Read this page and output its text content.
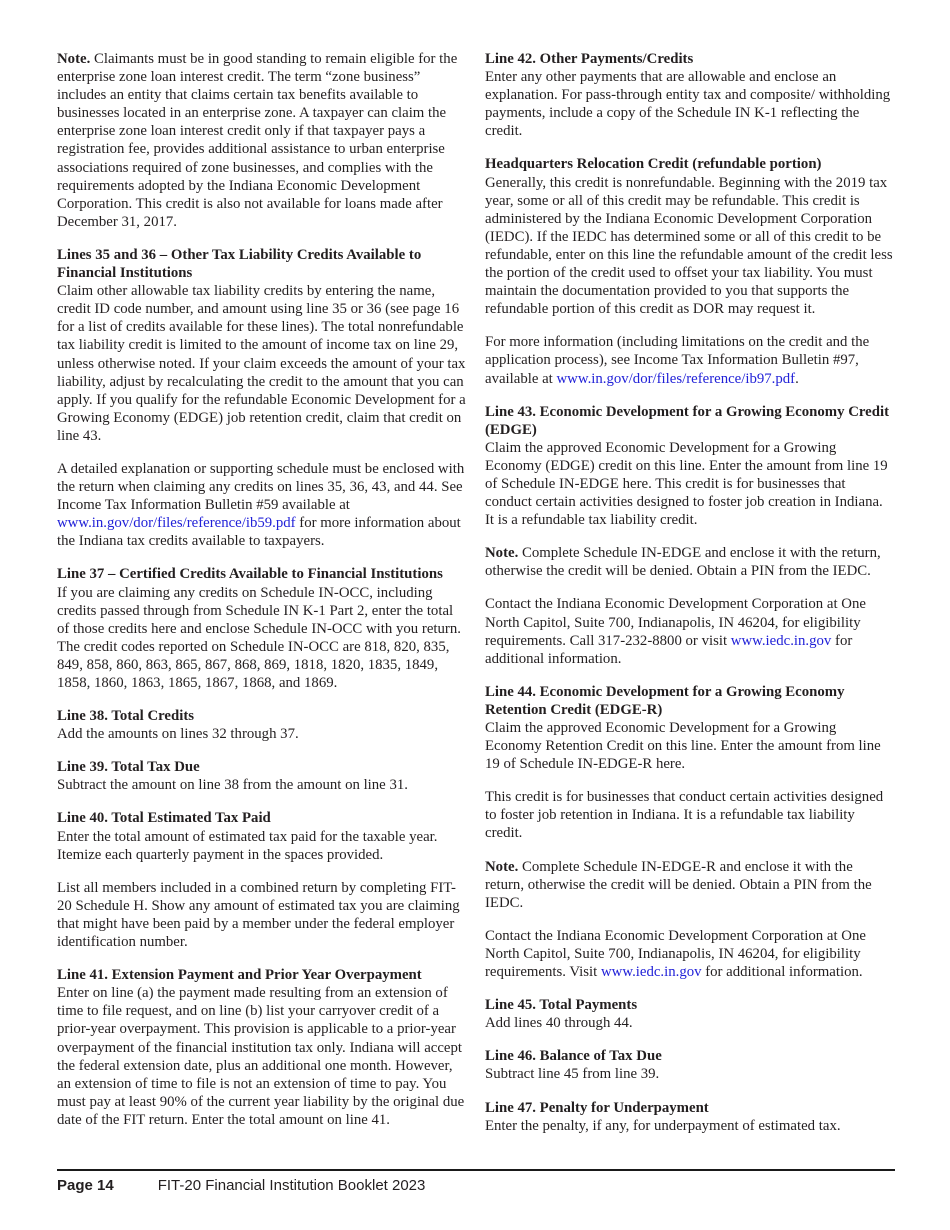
Note. Claimants must be in good standing to remain eligible for the enterprise zone loan interest credit. The term “zone business” includes an entity that claims certain tax benefits available to businesses located in an enterprise zone. A taxpayer can claim the enterprise zone loan interest credit only if that taxpayer pays a registration fee, provides additional assistance to urban enterprise associations required of zone businesses, and complies with the requirements adopted by the Indiana Economic Development Corporation. This credit is also not available for loans made after December 31, 2017.

Lines 35 and 36 – Other Tax Liability Credits Available to Financial Institutions

Claim other allowable tax liability credits by entering the name, credit ID code number, and amount using line 35 or 36 (see page 16 for a list of credits available for these lines). The total nonrefundable tax liability credit is limited to the amount of income tax on line 29, unless otherwise noted. If your claim exceeds the amount of your tax liability, adjust by recalculating the credit to the amount that you can apply. If you qualify for the refundable Economic Development for a Growing Economy (EDGE) job retention credit, claim that credit on line 43.

A detailed explanation or supporting schedule must be enclosed with the return when claiming any credits on lines 35, 36, 43, and 44. See Income Tax Information Bulletin #59 available at www.in.gov/dor/files/reference/ib59.pdf for more information about the Indiana tax credits available to taxpayers.

Line 37 – Certified Credits Available to Financial Institutions

If you are claiming any credits on Schedule IN-OCC, including credits passed through from Schedule IN K-1 Part 2, enter the total of those credits here and enclose Schedule IN-OCC with you return. The credit codes reported on Schedule IN-OCC are 818, 820, 835, 849, 858, 860, 863, 865, 867, 868, 869, 1818, 1820, 1835, 1849, 1858, 1860, 1863, 1865, 1867, 1868, and 1869.

Line 38. Total Credits

Add the amounts on lines 32 through 37.

Line 39. Total Tax Due

Subtract the amount on line 38 from the amount on line 31.

Line 40. Total Estimated Tax Paid

Enter the total amount of estimated tax paid for the taxable year. Itemize each quarterly payment in the spaces provided.

List all members included in a combined return by completing FIT-20 Schedule H. Show any amount of estimated tax you are claiming that might have been paid by a member under the federal employer identification number.

Line 41. Extension Payment and Prior Year Overpayment

Enter on line (a) the payment made resulting from an extension of time to file request, and on line (b) list your carryover credit of a prior-year overpayment. This provision is applicable to a prior-year overpayment of the financial institution tax only. Indiana will accept the federal extension date, plus an additional one month. However, an extension of time to file is not an extension of time to pay. You must pay at least 90% of the current year liability by the original due date of the FIT return. Enter the total amount on line 41.

Line 42. Other Payments/Credits

Enter any other payments that are allowable and enclose an explanation. For pass-through entity tax and composite/ withholding payments, include a copy of the Schedule IN K-1 reflecting the credit.

Headquarters Relocation Credit (refundable portion)

Generally, this credit is nonrefundable. Beginning with the 2019 tax year, some or all of this credit may be refundable. This credit is administered by the Indiana Economic Development Corporation (IEDC). If the IEDC has determined some or all of this credit to be refundable, enter on this line the refundable amount of the credit less the portion of the credit used to offset your tax liability. You must maintain the documentation provided to you that supports the refundable portion of this credit as DOR may request it.

For more information (including limitations on the credit and the application process), see Income Tax Information Bulletin #97, available at www.in.gov/dor/files/reference/ib97.pdf.

Line 43. Economic Development for a Growing Economy Credit (EDGE)

Claim the approved Economic Development for a Growing Economy (EDGE) credit on this line. Enter the amount from line 19 of Schedule IN-EDGE here. This credit is for businesses that conduct certain activities designed to foster job creation in Indiana. It is a refundable tax liability credit.

Note. Complete Schedule IN-EDGE and enclose it with the return, otherwise the credit will be denied. Obtain a PIN from the IEDC.

Contact the Indiana Economic Development Corporation at One North Capitol, Suite 700, Indianapolis, IN 46204, for eligibility requirements. Call 317-232-8800 or visit www.iedc.in.gov for additional information.

Line 44. Economic Development for a Growing Economy Retention Credit (EDGE-R)

Claim the approved Economic Development for a Growing Economy Retention Credit on this line. Enter the amount from line 19 of Schedule IN-EDGE-R here.

This credit is for businesses that conduct certain activities designed to foster job retention in Indiana. It is a refundable tax liability credit.

Note. Complete Schedule IN-EDGE-R and enclose it with the return, otherwise the credit will be denied. Obtain a PIN from the IEDC.

Contact the Indiana Economic Development Corporation at One North Capitol, Suite 700, Indianapolis, IN 46204, for eligibility requirements. Visit www.iedc.in.gov for additional information.

Line 45. Total Payments

Add lines 40 through 44.

Line 46. Balance of Tax Due

Subtract line 45 from line 39.

Line 47. Penalty for Underpayment

Enter the penalty, if any, for underpayment of estimated tax.

Page 14	FIT-20 Financial Institution Booklet 2023
